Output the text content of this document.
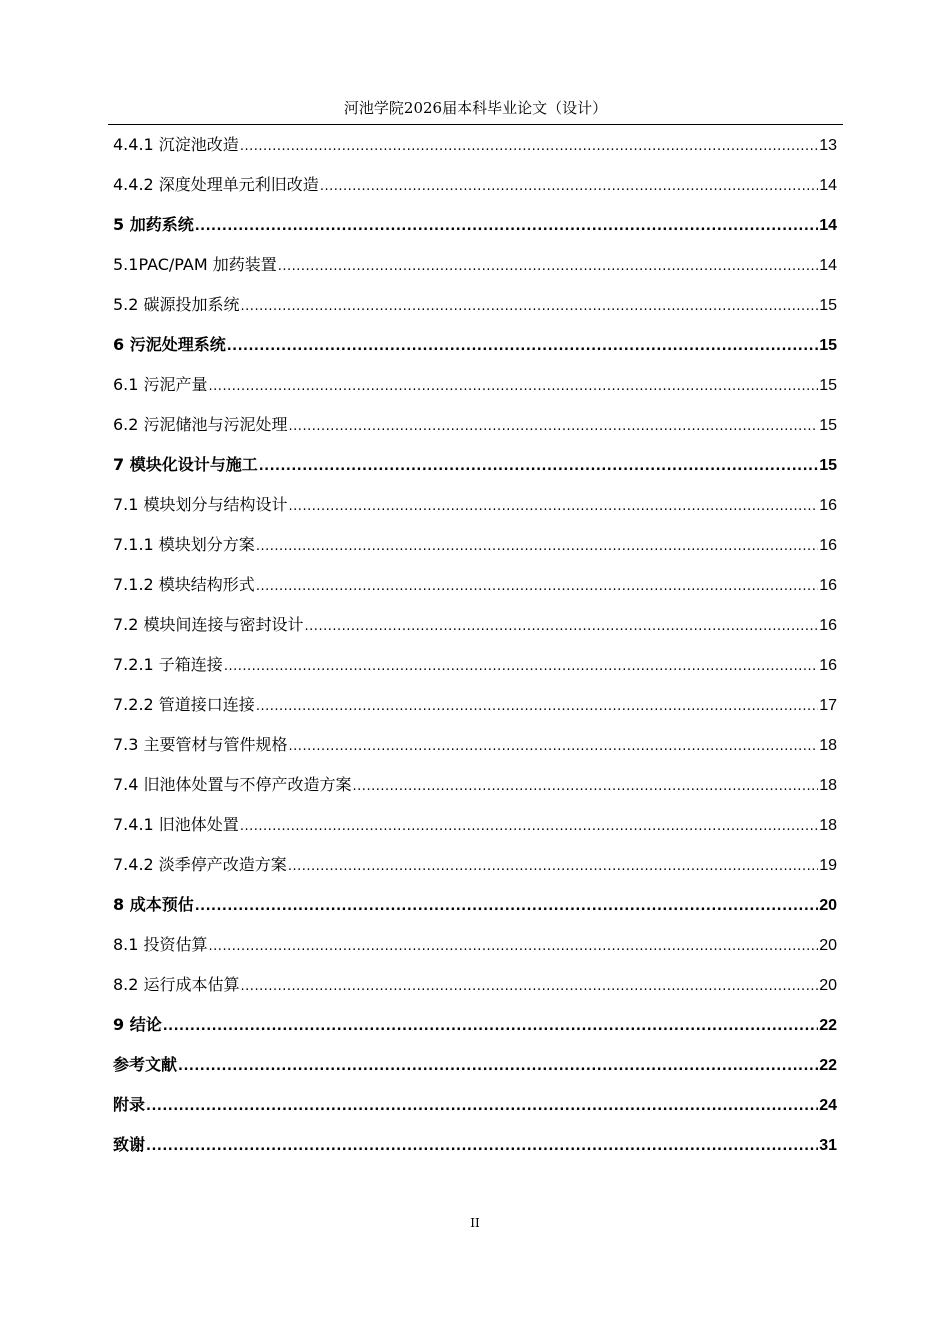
河池学院2026届本科毕业论文（设计）
4.4.1 沉淀池改造 .....	13
4.4.2 深度处理单元利旧改造 .....	14
5 加药系统 .....	14
5.1PAC/PAM 加药装置 .....	14
5.2 碳源投加系统 .....	15
6 污泥处理系统 .....	15
6.1 污泥产量 .....	15
6.2 污泥储池与污泥处理 .....	15
7 模块化设计与施工 .....	15
7.1 模块划分与结构设计 .....	16
7.1.1 模块划分方案 .....	16
7.1.2 模块结构形式 .....	16
7.2 模块间连接与密封设计 .....	16
7.2.1 子箱连接 .....	16
7.2.2 管道接口连接 .....	17
7.3 主要管材与管件规格 .....	18
7.4 旧池体处置与不停产改造方案 .....	18
7.4.1 旧池体处置 .....	18
7.4.2 淡季停产改造方案 .....	19
8 成本预估 .....	20
8.1 投资估算 .....	20
8.2 运行成本估算 .....	20
9 结论 .....	22
参考文献 .....	22
附录 .....	24
致谢 .....	31
II
